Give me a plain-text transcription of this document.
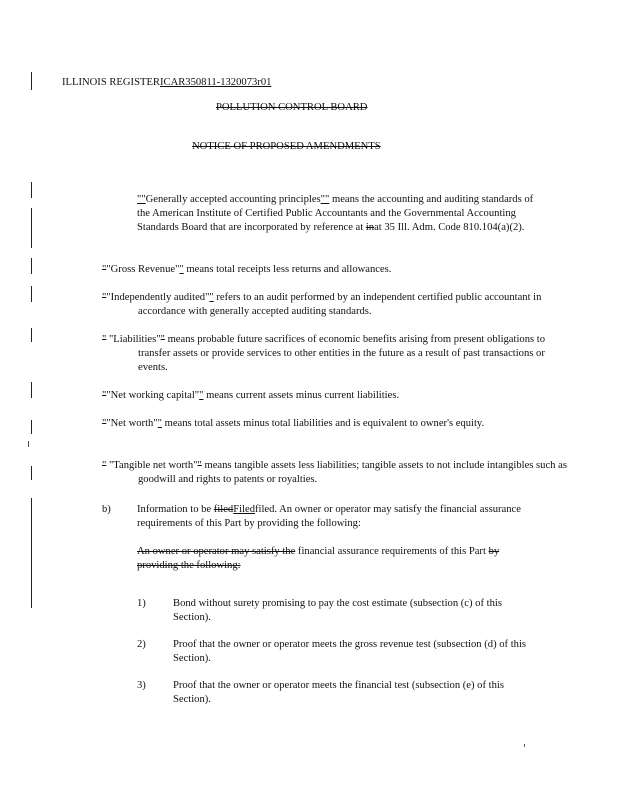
ILLINOIS REGISTERICAR350811-1320073r01

POLLUTION CONTROL BOARD

NOTICE OF PROPOSED AMENDMENTS

""Generally accepted accounting principles"" means the accounting and auditing standards of the American Institute of Certified Public Accountants and the Governmental Accounting Standards Board that are incorporated by reference at inat 35 Ill. Adm. Code 810.104(a)(2).

""Gross Revenue"" means total receipts less returns and allowances.

""Independently audited"" refers to an audit performed by an independent certified public accountant in accordance with generally accepted auditing standards.

" "Liabilities"" means probable future sacrifices of economic benefits arising from present obligations to transfer assets or provide services to other entities in the future as a result of past transactions or events.

""Net working capital"" means current assets minus current liabilities.

""Net worth"" means total assets minus total liabilities and is equivalent to owner's equity.

" "Tangible net worth"" means tangible assets less liabilities; tangible assets to not include intangibles such as goodwill and rights to patents or royalties.

b) Information to be filedFiledfiled. An owner or operator may satisfy the financial assurance requirements of this Part by providing the following:

An owner or operator may satisfy the financial assurance requirements of this Part by providing the following:

1)	Bond without surety promising to pay the cost estimate (subsection (c) of this Section).

2)	Proof that the owner or operator meets the gross revenue test (subsection (d) of this Section).

3)	Proof that the owner or operator meets the financial test (subsection (e) of this Section).
